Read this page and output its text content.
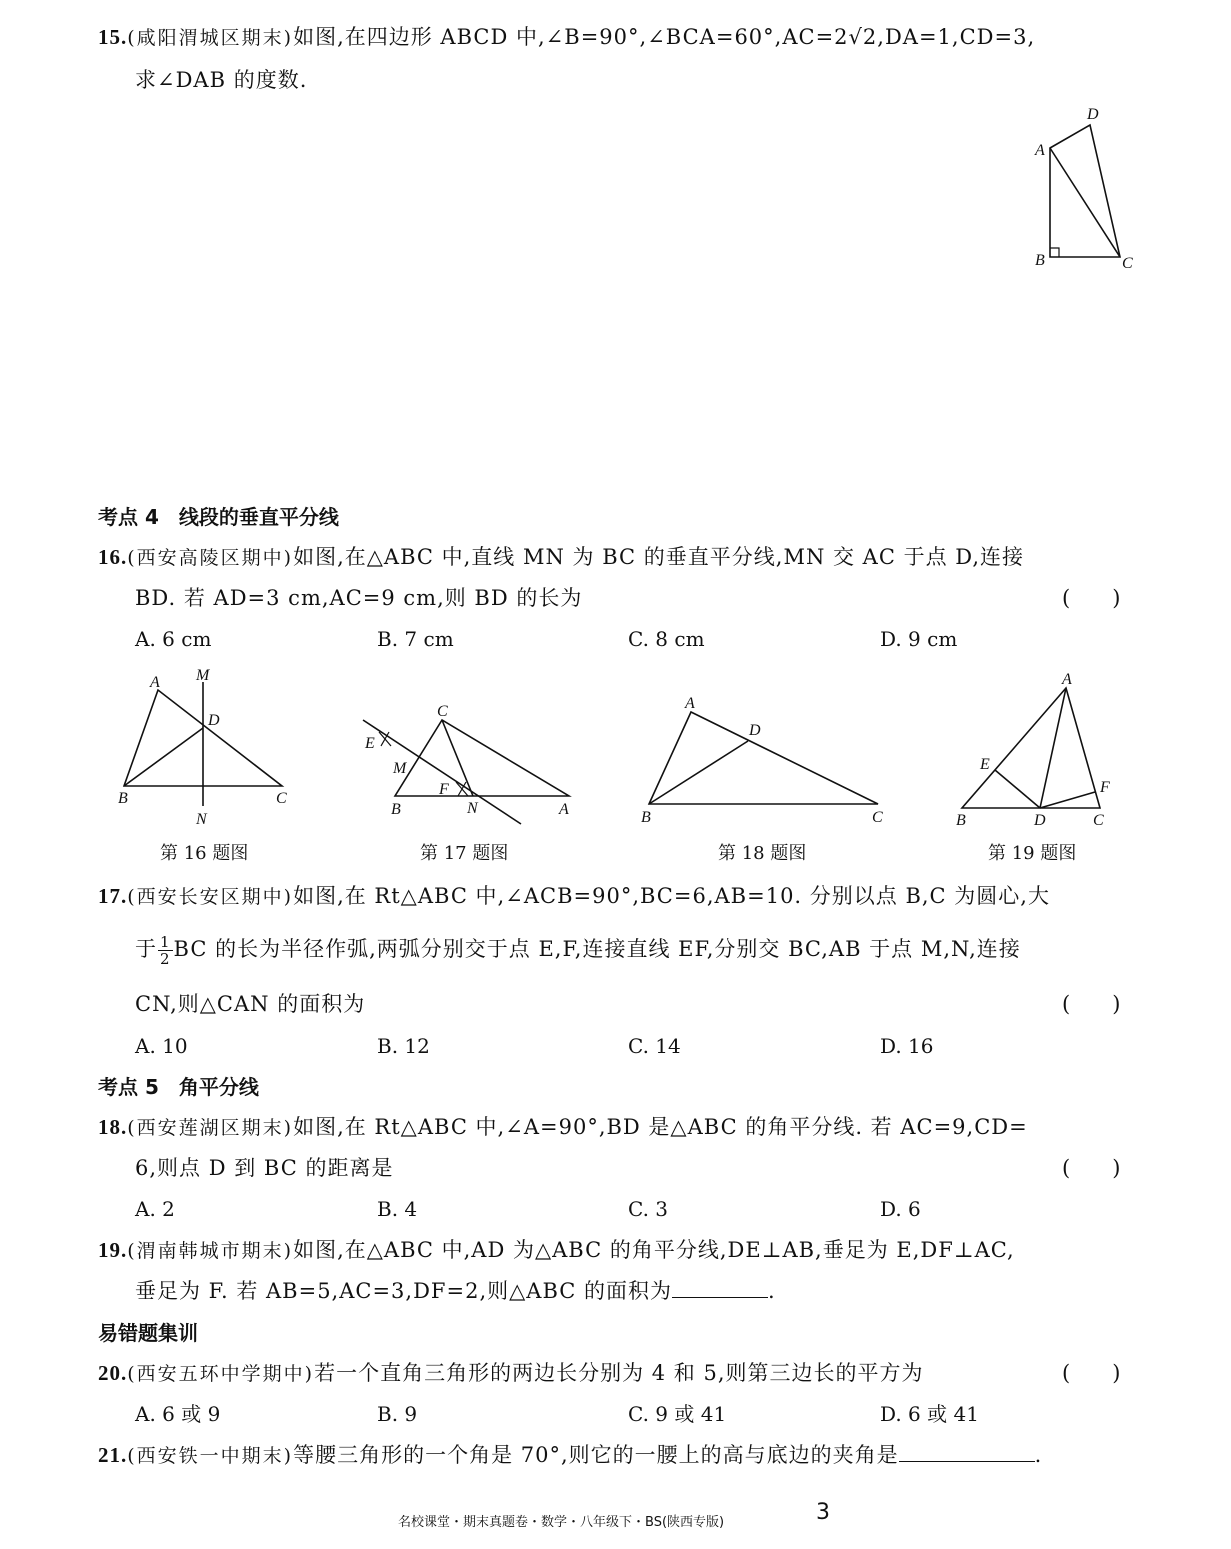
15.(咸阳渭城区期末)如图,在四边形 ABCD 中,∠B=90°,∠BCA=60°,AC=2√2,DA=1,CD=3,
求∠DAB 的度数.
A
B	C
D
考点 4　线段的垂直平分线
16.(西安高陵区期中)如图,在△ABC 中,直线 MN 为 BC 的垂直平分线,MN 交 AC 于点 D,连接
BD. 若 AD=3 cm,AC=9 cm,则 BD 的长为	(　　)
A. 6 cm	B. 7 cm	C. 8 cm	D. 9 cm
A
B	C
D
M
N
C
E
M
F
N
B	A
A
B	C
D
A
B	C
D
E
F
第 16 题图	第 17 题图	第 18 题图	第 19 题图
17.(西安长安区期中)如图,在 Rt△ABC 中,∠ACB=90°,BC=6,AB=10. 分别以点 B,C 为圆心,大
于 $\frac{1}{2}$ BC 的长为半径作弧,两弧分别交于点 E,F,连接直线 EF,分别交 BC,AB 于点 M,N,连接
CN,则△CAN 的面积为	(　　)
A. 10	B. 12	C. 14	D. 16
考点 5　角平分线
18.(西安莲湖区期末)如图,在 Rt△ABC 中,∠A=90°,BD 是△ABC 的角平分线. 若 AC=9,CD=
6,则点 D 到 BC 的距离是	(　　)
A. 2	B. 4	C. 3	D. 6
19.(渭南韩城市期末)如图,在△ABC 中,AD 为△ABC 的角平分线,DE⊥AB,垂足为 E,DF⊥AC,
垂足为 F. 若 AB=5,AC=3,DF=2,则△ABC 的面积为	.
易错题集训
20.(西安五环中学期中)若一个直角三角形的两边长分别为 4 和 5,则第三边长的平方为	(　　)
A. 6 或 9	B. 9	C. 9 或 41	D. 6 或 41
21.(西安铁一中期末)等腰三角形的一个角是 70°,则它的一腰上的高与底边的夹角是	.
名校课堂・期末真题卷・数学・八年级下・BS(陕西专版)	3
